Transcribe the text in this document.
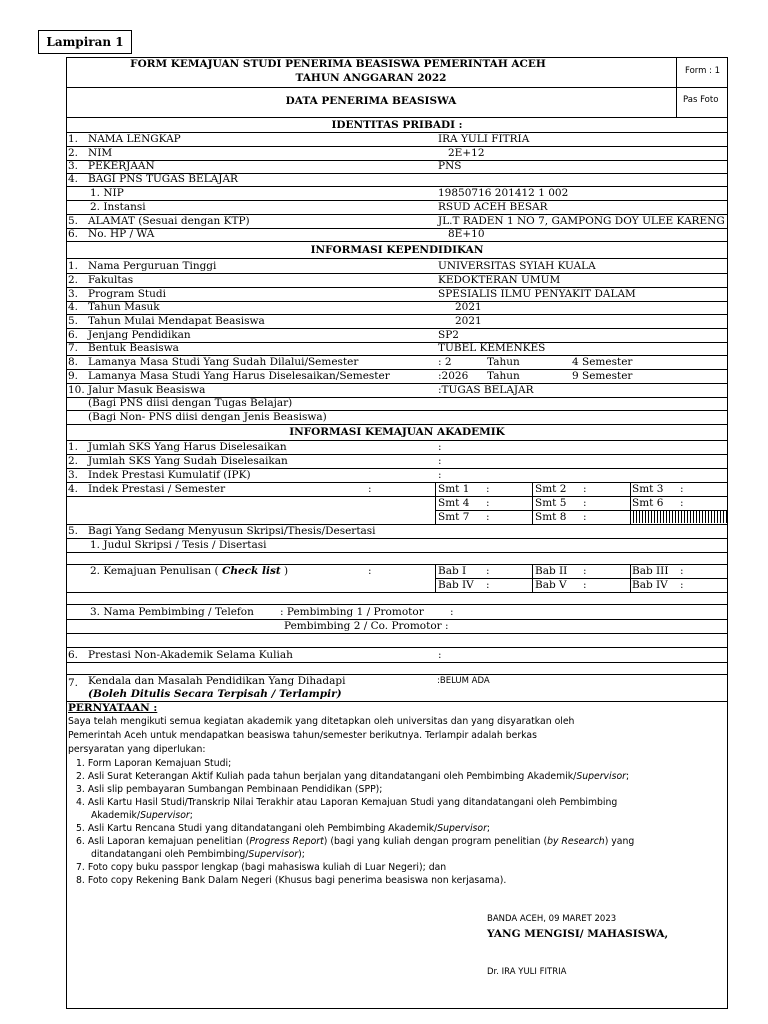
Lampiran 1
FORM KEMAJUAN STUDI PENERIMA BEASISWA PEMERINTAH ACEH
TAHUN ANGGARAN 2022
Form : 1
DATA PENERIMA BEASISWA	Pas Foto
IDENTITAS PRIBADI :
INFORMASI KEPENDIDIKAN
(Bagi PNS diisi dengan Tugas Belajar)
(Bagi Non- PNS diisi dengan Jenis Beasiswa)
INFORMASI KEMAJUAN AKADEMIK
1. Jumlah SKS Yang Harus Diselesaikan	:
2. Jumlah SKS Yang Sudah Diselesaikan	:
3. Indek Prestasi Kumulatif (IPK)	:
4. Indek Prestasi / Semester	:
5. Bagi Yang Sedang Menyusun Skripsi/Thesis/Desertasi
1. Judul Skripsi / Tesis / Disertasi
2. Kemajuan Penulisan ( Check list )	:
3. Nama Pembimbing / Telefon : Pembimbing 1 / Promotor	:
Pembimbing 2 / Co. Promotor :
6. Prestasi Non-Akademik Selama Kuliah	:
7. Kendala dan Masalah Pendidikan Yang Dihadapi	:BELUM ADA
(Boleh Ditulis Secara Terpisah / Terlampir)
PERNYATAAN :
Saya telah mengikuti semua kegiatan akademik yang ditetapkan oleh universitas dan yang disyaratkan oleh
Pemerintah Aceh untuk mendapatkan beasiswa tahun/semester berikutnya. Terlampir adalah berkas
persyaratan yang diperlukan:
1. Form Laporan Kemajuan Studi;
2. Asli Surat Keterangan Aktif Kuliah pada tahun berjalan yang ditandatangani oleh Pembimbing Akademik/Supervisor;
3. Asli slip pembayaran Sumbangan Pembinaan Pendidikan (SPP);
4. Asli Kartu Hasil Studi/Transkrip Nilai Terakhir atau Laporan Kemajuan Studi yang ditandatangani oleh Pembimbing
Akademik/Supervisor;
5. Asli Kartu Rencana Studi yang ditandatangani oleh Pembimbing Akademik/Supervisor;
6. Asli Laporan kemajuan penelitian (Progress Report) (bagi yang kuliah dengan program penelitian (by Research) yang
ditandatangani oleh Pembimbing/Supervisor);
7. Foto copy buku passpor lengkap (bagi mahasiswa kuliah di Luar Negeri); dan
8. Foto copy Rekening Bank Dalam Negeri (Khusus bagi penerima beasiswa non kerjasama).
BANDA ACEH, 09 MARET 2023
YANG MENGISI/ MAHASISWA,
Dr. IRA YULI FITRIA
1. NAMA LENGKAP	IRA YULI FITRIA
2. NIM	2E+12
3. PEKERJAAN	PNS
4. BAGI PNS TUGAS BELAJAR
1. NIP	19850716 201412 1 002
2. Instansi	RSUD ACEH BESAR
5. ALAMAT (Sesuai dengan KTP)	JL.T RADEN 1 NO 7, GAMPONG DOY ULEE KARENG
6. No. HP / WA	8E+10
1. Nama Perguruan Tinggi	UNIVERSITAS SYIAH KUALA
2. Fakultas	KEDOKTERAN UMUM
3. Program Studi	SPESIALIS ILMU PENYAKIT DALAM
4. Tahun Masuk	2021
5. Tahun Mulai Mendapat Beasiswa	2021
6. Jenjang Pendidikan	SP2
7. Bentuk Beasiswa	TUBEL KEMENKES
8. Lamanya Masa Studi Yang Sudah Dilalui/Semester	: 2	Tahun	4 Semester
9. Lamanya Masa Studi Yang Harus Diselesaikan/Semester	:2026 Tahun	9 Semester
10. Jalur Masuk Beasiswa	:TUGAS BELAJAR
Smt 1 :	Smt 2 :	Smt 3 :
Smt 4 :	Smt 5 :	Smt 6 :
Smt 7 :	Smt 8 :
Bab I :	Bab II :	Bab III :
Bab IV :	Bab V :	Bab IV :
